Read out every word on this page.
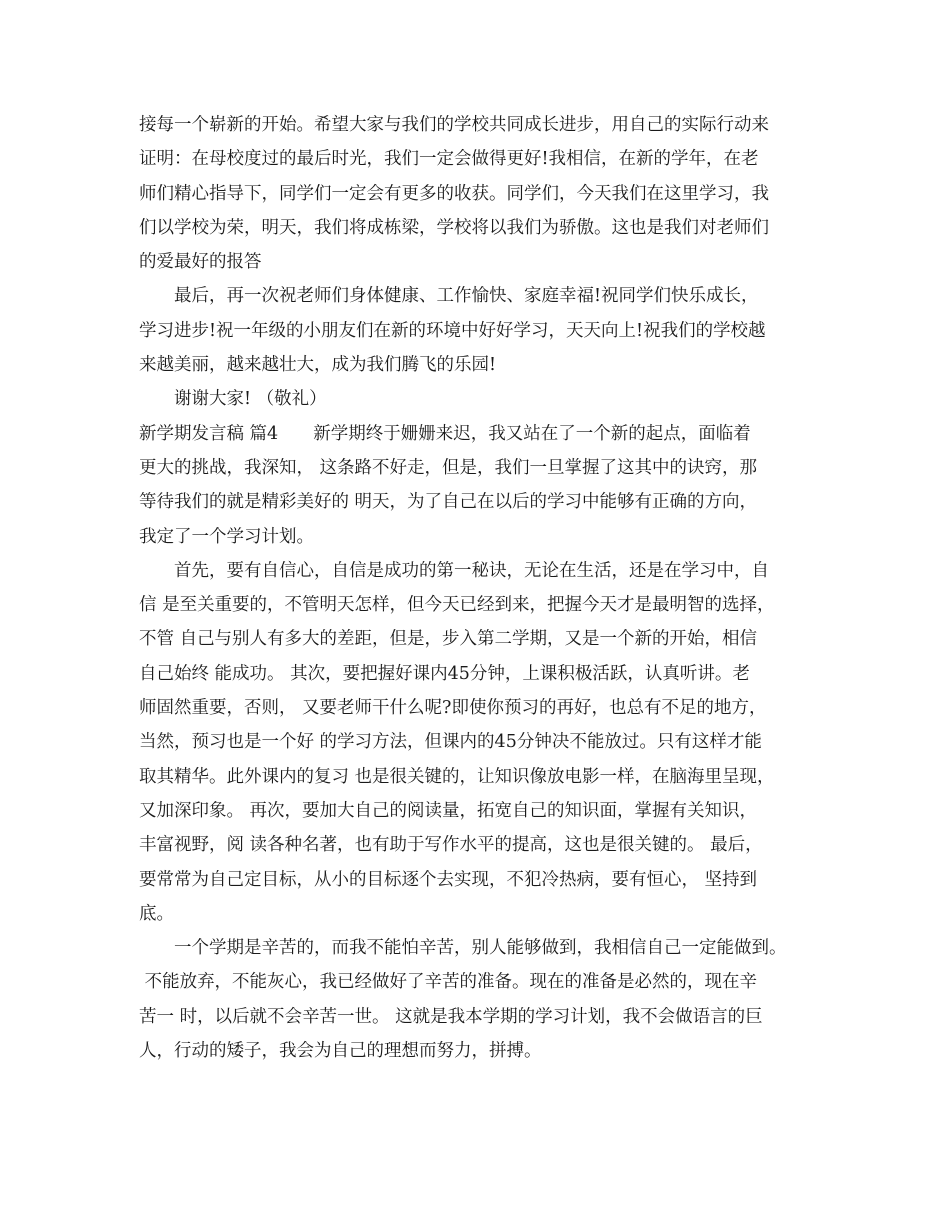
接每一个崭新的开始。希望大家与我们的学校共同成长进步，用自己的实际行动来
证明：在母校度过的最后时光，我们一定会做得更好!我相信，在新的学年，在老
师们精心指导下，同学们一定会有更多的收获。同学们，今天我们在这里学习，我
们以学校为荣，明天，我们将成栋梁，学校将以我们为骄傲。这也是我们对老师们
的爱最好的报答
　　最后，再一次祝老师们身体健康、工作愉快、家庭幸福!祝同学们快乐成长，
学习进步!祝一年级的小朋友们在新的环境中好好学习，天天向上!祝我们的学校越
来越美丽，越来越壮大，成为我们腾飞的乐园!
　　谢谢大家! （敬礼）
新学期发言稿 篇4　　新学期终于姗姗来迟，我又站在了一个新的起点，面临着
更大的挑战，我深知， 这条路不好走，但是，我们一旦掌握了这其中的诀窍，那
等待我们的就是精彩美好的 明天，为了自己在以后的学习中能够有正确的方向，
我定了一个学习计划。
　　首先，要有自信心，自信是成功的第一秘诀，无论在生活，还是在学习中，自
信 是至关重要的，不管明天怎样，但今天已经到来，把握今天才是最明智的选择，
不管 自己与别人有多大的差距，但是，步入第二学期，又是一个新的开始，相信
自己始终 能成功。 其次，要把握好课内45分钟，上课积极活跃，认真听讲。老
师固然重要，否则， 又要老师干什么呢?即使你预习的再好，也总有不足的地方，
当然，预习也是一个好 的学习方法，但课内的45分钟决不能放过。只有这样才能
取其精华。此外课内的复习 也是很关键的，让知识像放电影一样，在脑海里呈现，
又加深印象。 再次，要加大自己的阅读量，拓宽自己的知识面，掌握有关知识，
丰富视野，阅 读各种名著，也有助于写作水平的提高，这也是很关键的。 最后，
要常常为自己定目标，从小的目标逐个去实现，不犯冷热病，要有恒心， 坚持到
底。
　　一个学期是辛苦的，而我不能怕辛苦，别人能够做到，我相信自己一定能做到。
不能放弃，不能灰心，我已经做好了辛苦的准备。现在的准备是必然的，现在辛
苦一 时，以后就不会辛苦一世。 这就是我本学期的学习计划，我不会做语言的巨
人，行动的矮子，我会为自己的理想而努力，拼搏。
